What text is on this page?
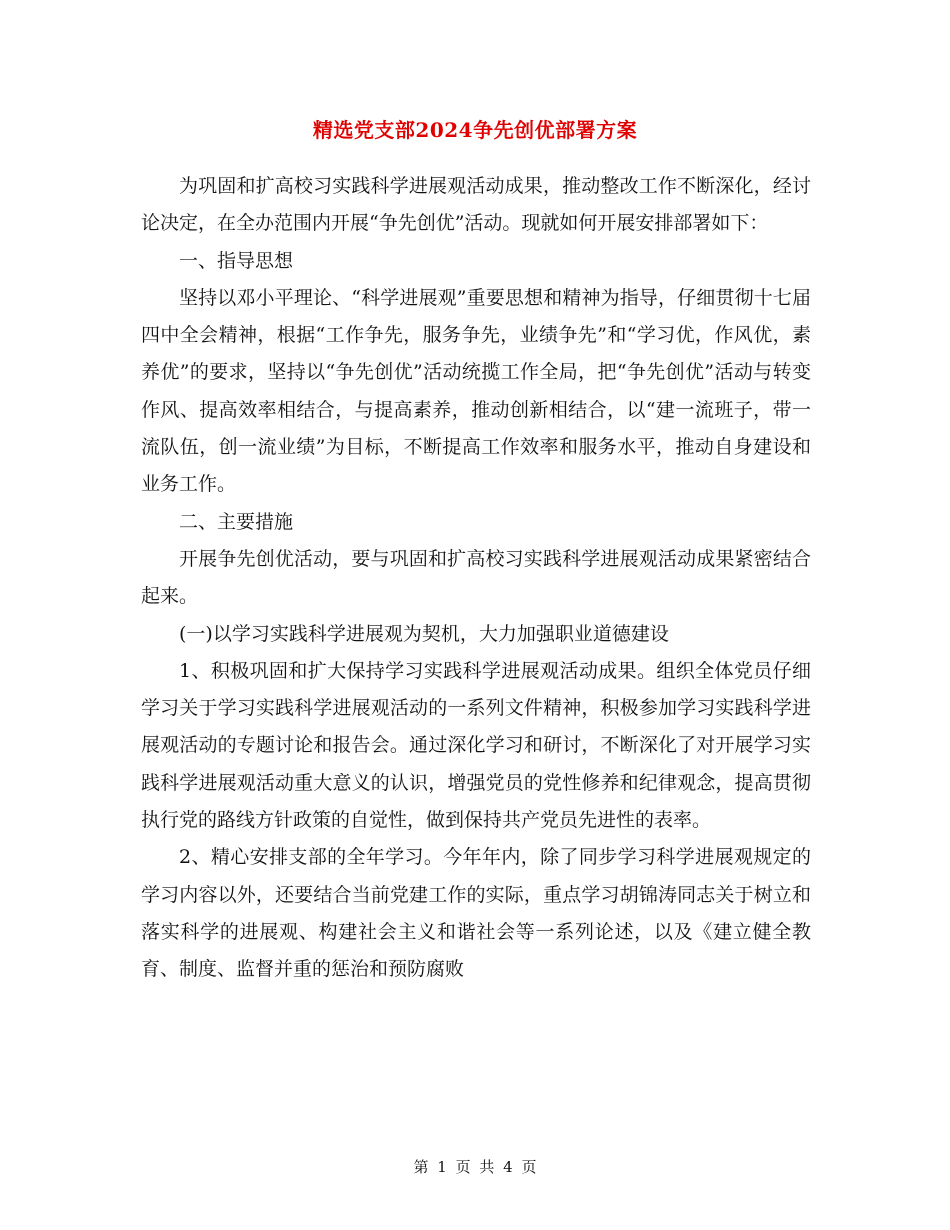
精选党支部2024争先创优部署方案

为巩固和扩高校习实践科学进展观活动成果，推动整改工作不断深化，经讨论决定，在全办范围内开展“争先创优”活动。现就如何开展安排部署如下：

一、指导思想

坚持以邓小平理论、“科学进展观”重要思想和精神为指导，仔细贯彻十七届四中全会精神，根据“工作争先，服务争先，业绩争先”和“学习优，作风优，素养优”的要求，坚持以“争先创优”活动统揽工作全局，把“争先创优”活动与转变作风、提高效率相结合，与提高素养，推动创新相结合，以“建一流班子，带一流队伍，创一流业绩”为目标，不断提高工作效率和服务水平，推动自身建设和业务工作。

二、主要措施

开展争先创优活动，要与巩固和扩高校习实践科学进展观活动成果紧密结合起来。

(一)以学习实践科学进展观为契机，大力加强职业道德建设

1、积极巩固和扩大保持学习实践科学进展观活动成果。组织全体党员仔细学习关于学习实践科学进展观活动的一系列文件精神，积极参加学习实践科学进展观活动的专题讨论和报告会。通过深化学习和研讨，不断深化了对开展学习实践科学进展观活动重大意义的认识，增强党员的党性修养和纪律观念，提高贯彻执行党的路线方针政策的自觉性，做到保持共产党员先进性的表率。

2、精心安排支部的全年学习。今年年内，除了同步学习科学进展观规定的学习内容以外，还要结合当前党建工作的实际，重点学习胡锦涛同志关于树立和落实科学的进展观、构建社会主义和谐社会等一系列论述，以及《建立健全教育、制度、监督并重的惩治和预防腐败

第 1 页 共 4 页
